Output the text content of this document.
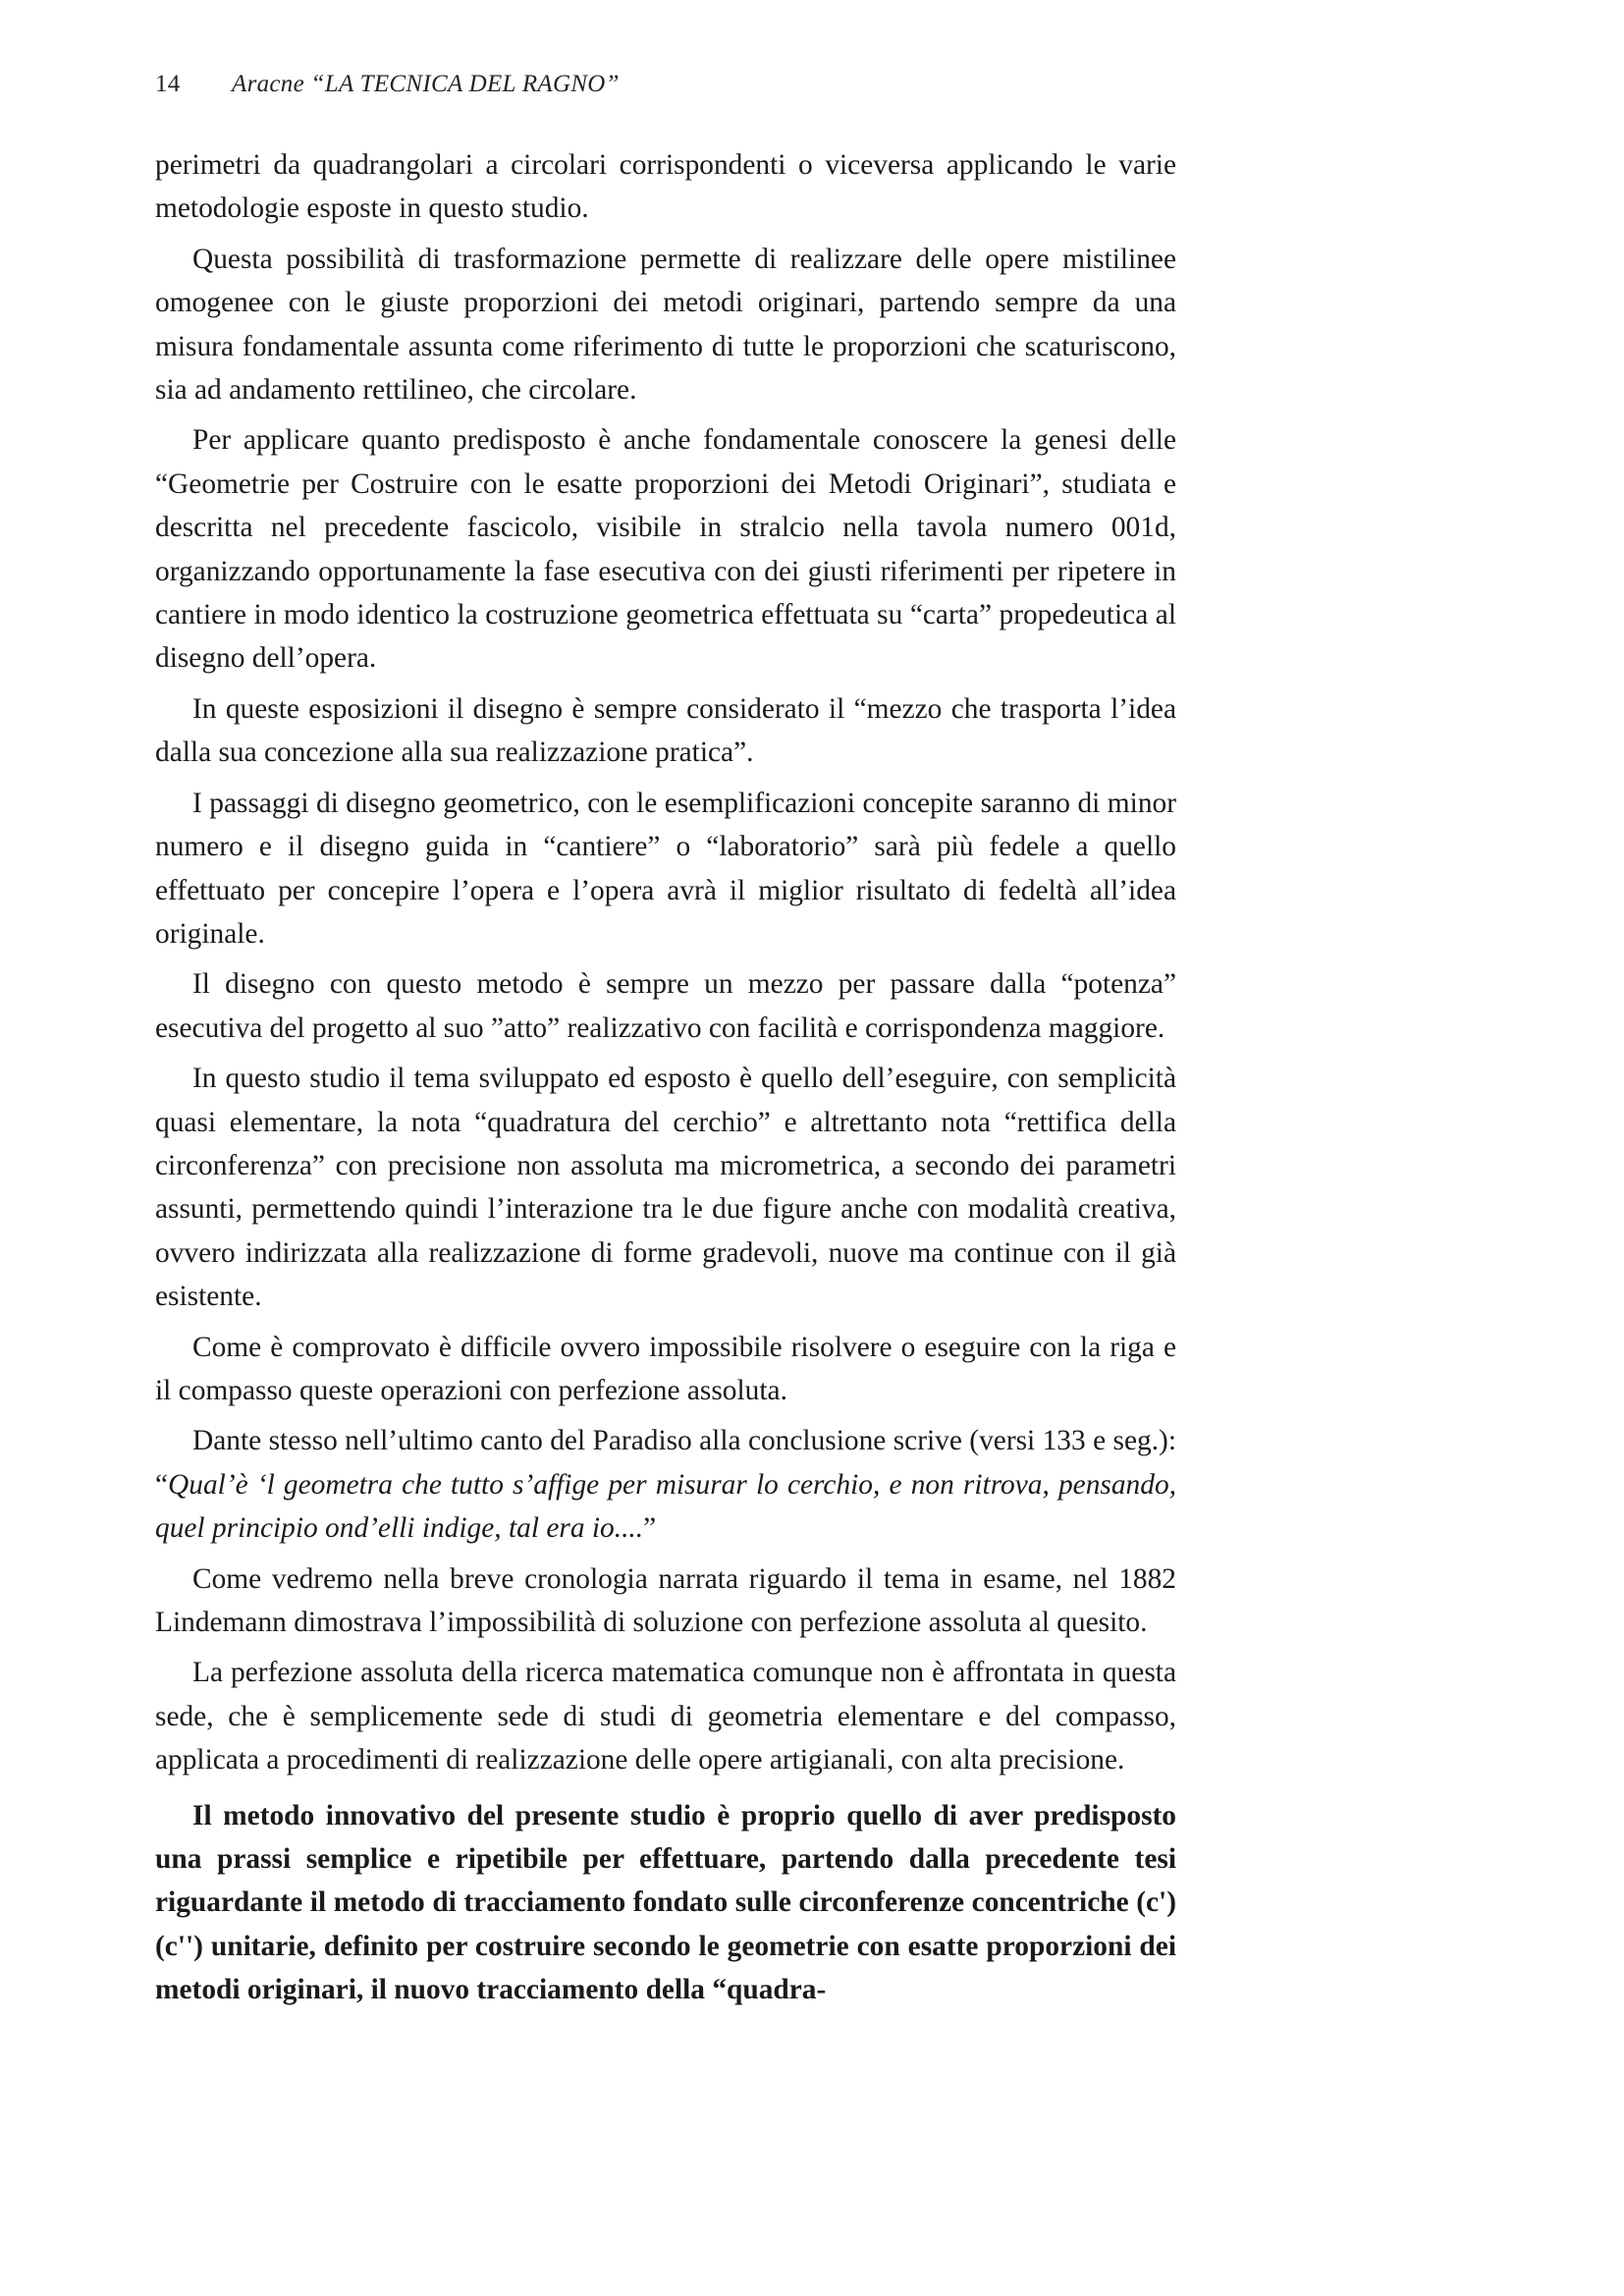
14 Aracne “LA TECNICA DEL RAGNO”

perimetri da quadrangolari a circolari corrispondenti o viceversa applicando le varie metodologie esposte in questo studio.

Questa possibilità di trasformazione permette di realizzare delle opere mistilinee omogenee con le giuste proporzioni dei metodi originari, partendo sempre da una misura fondamentale assunta come riferimento di tutte le proporzioni che scaturiscono, sia ad andamento rettilineo, che circolare.

Per applicare quanto predisposto è anche fondamentale conoscere la genesi delle “Geometrie per Costruire con le esatte proporzioni dei Metodi Originari”, studiata e descritta nel precedente fascicolo, visibile in stralcio nella tavola numero 001d, organizzando opportunamente la fase esecutiva con dei giusti riferimenti per ripetere in cantiere in modo identico la costruzione geometrica effettuata su “carta” propedeutica al disegno dell’opera.

In queste esposizioni il disegno è sempre considerato il “mezzo che trasporta l’idea dalla sua concezione alla sua realizzazione pratica”.

I passaggi di disegno geometrico, con le esemplificazioni concepite saranno di minor numero e il disegno guida in “cantiere” o “laboratorio” sarà più fedele a quello effettuato per concepire l’opera e l’opera avrà il miglior risultato di fedeltà all’idea originale.

Il disegno con questo metodo è sempre un mezzo per passare dalla “potenza” esecutiva del progetto al suo ”atto” realizzativo con facilità e corrispondenza maggiore.

In questo studio il tema sviluppato ed esposto è quello dell’eseguire, con semplicità quasi elementare, la nota “quadratura del cerchio” e altrettanto nota “rettifica della circonferenza” con precisione non assoluta ma micrometrica, a secondo dei parametri assunti, permettendo quindi l’interazione tra le due figure anche con modalità creativa, ovvero indirizzata alla realizzazione di forme gradevoli, nuove ma continue con il già esistente.

Come è comprovato è difficile ovvero impossibile risolvere o eseguire con la riga e il compasso queste operazioni con perfezione assoluta.

Dante stesso nell’ultimo canto del Paradiso alla conclusione scrive (versi 133 e seg.): “Qual’è ‘l geometra che tutto s’affige per misurar lo cerchio, e non ritrova, pensando, quel principio ond’elli indige, tal era io....”

Come vedremo nella breve cronologia narrata riguardo il tema in esame, nel 1882 Lindemann dimostrava l’impossibilità di soluzione con perfezione assoluta al quesito.

La perfezione assoluta della ricerca matematica comunque non è affrontata in questa sede, che è semplicemente sede di studi di geometria elementare e del compasso, applicata a procedimenti di realizzazione delle opere artigianali, con alta precisione.

Il metodo innovativo del presente studio è proprio quello di aver predisposto una prassi semplice e ripetibile per effettuare, partendo dalla precedente tesi riguardante il metodo di tracciamento fondato sulle circonferenze concentriche (c') (c'') unitarie, definito per costruire secondo le geometrie con esatte proporzioni dei metodi originari, il nuovo tracciamento della “quadra-
